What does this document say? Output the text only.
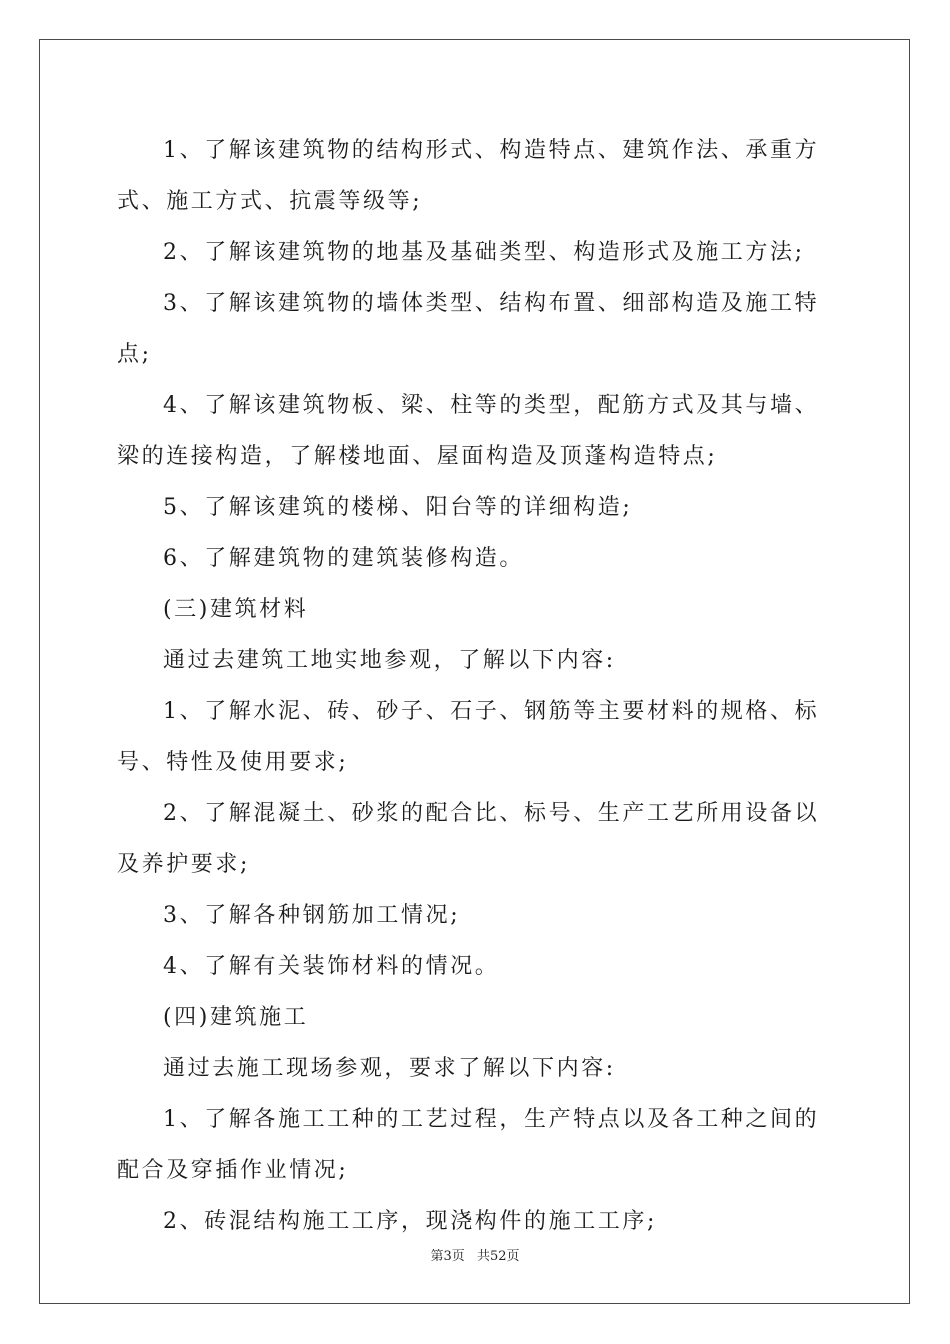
1、了解该建筑物的结构形式、构造特点、建筑作法、承重方式、施工方式、抗震等级等;

2、了解该建筑物的地基及基础类型、构造形式及施工方法;

3、了解该建筑物的墙体类型、结构布置、细部构造及施工特点;

4、了解该建筑物板、梁、柱等的类型，配筋方式及其与墙、梁的连接构造，了解楼地面、屋面构造及顶蓬构造特点;

5、了解该建筑的楼梯、阳台等的详细构造;

6、了解建筑物的建筑装修构造。

(三)建筑材料

通过去建筑工地实地参观，了解以下内容:

1、了解水泥、砖、砂子、石子、钢筋等主要材料的规格、标号、特性及使用要求;

2、了解混凝土、砂浆的配合比、标号、生产工艺所用设备以及养护要求;

3、了解各种钢筋加工情况;

4、了解有关装饰材料的情况。

(四)建筑施工

通过去施工现场参观，要求了解以下内容:

1、了解各施工工种的工艺过程，生产特点以及各工种之间的配合及穿插作业情况;

2、砖混结构施工工序，现浇构件的施工工序;

第3页 共52页
